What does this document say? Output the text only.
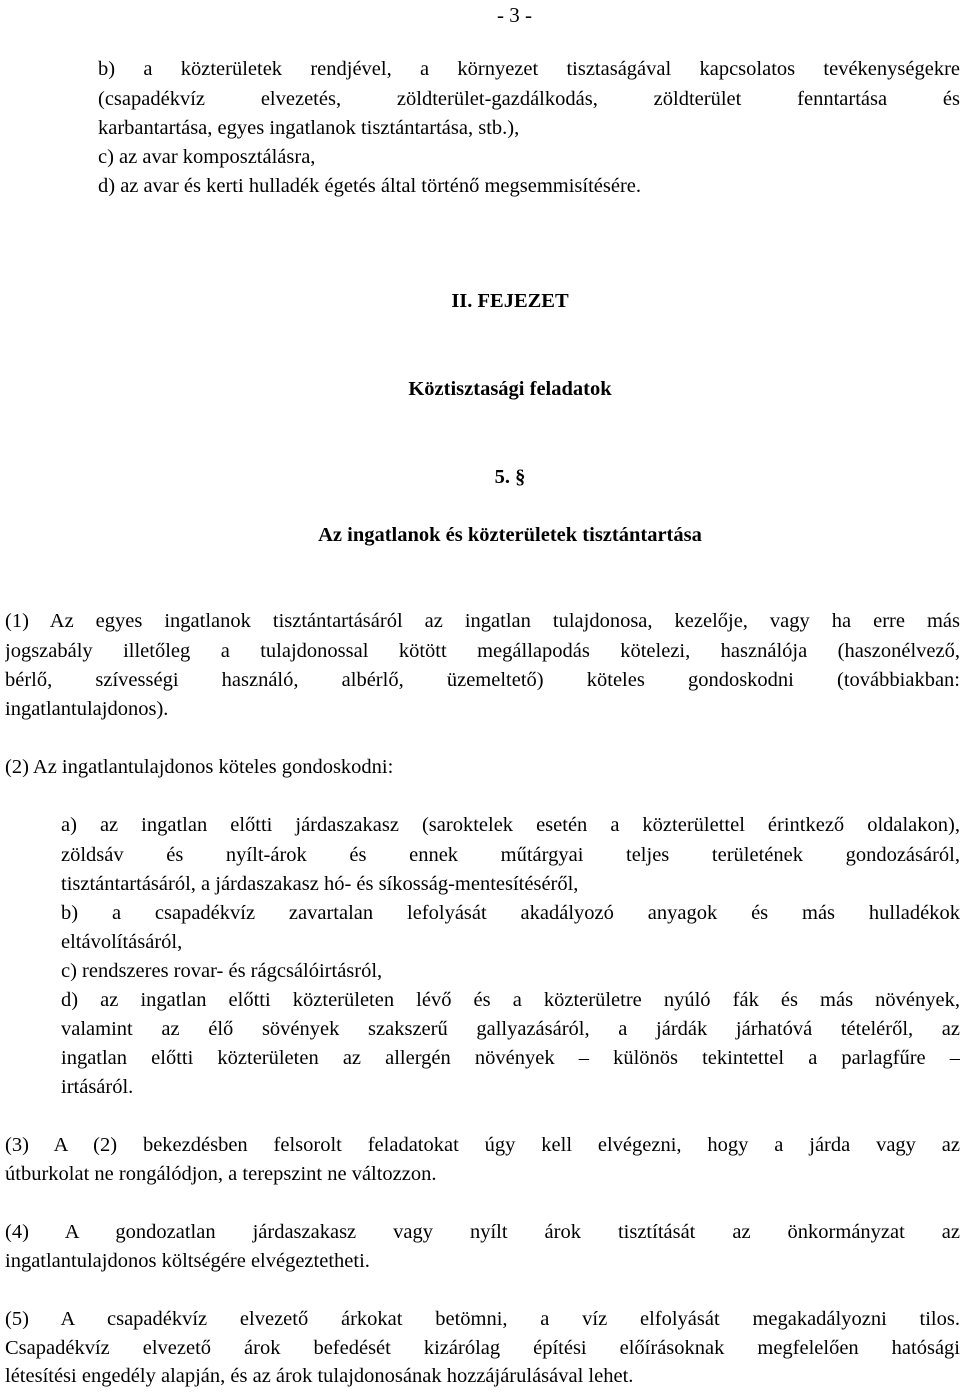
- 3 -
b) a közterületek rendjével, a környezet tisztaságával kapcsolatos tevékenységekre
(csapadékvíz elvezetés, zöldterület-gazdálkodás, zöldterület fenntartása és
karbantartása, egyes ingatlanok tisztántartása, stb.),
c) az avar komposztálásra,
d) az avar és kerti hulladék égetés által történő megsemmisítésére.
II. FEJEZET
Köztisztasági feladatok
5. §
Az ingatlanok és közterületek tisztántartása
(1) Az egyes ingatlanok tisztántartásáról az ingatlan tulajdonosa, kezelője, vagy ha erre más
jogszabály illetőleg a tulajdonossal kötött megállapodás kötelezi, használója (haszonélvező,
bérlő, szívességi használó, albérlő, üzemeltető) köteles gondoskodni (továbbiakban:
ingatlantulajdonos).
(2) Az ingatlantulajdonos köteles gondoskodni:
a) az ingatlan előtti járdaszakasz (saroktelek esetén a közterülettel érintkező oldalakon),
zöldsáv és nyílt-árok és ennek műtárgyai teljes területének gondozásáról,
tisztántartásáról, a járdaszakasz hó- és síkosság-mentesítéséről,
b) a csapadékvíz zavartalan lefolyását akadályozó anyagok és más hulladékok
eltávolításáról,
c) rendszeres rovar- és rágcsálóirtásról,
d) az ingatlan előtti közterületen lévő és a közterületre nyúló fák és más növények,
valamint az élő sövények szakszerű gallyazásáról, a járdák járhatóvá tételéről, az
ingatlan előtti közterületen az allergén növények – különös tekintettel a parlagfűre –
irtásáról.
(3) A (2) bekezdésben felsorolt feladatokat úgy kell elvégezni, hogy a járda vagy az
útburkolat ne rongálódjon, a terepszint ne változzon.
(4) A gondozatlan járdaszakasz vagy nyílt árok tisztítását az önkormányzat az
ingatlantulajdonos költségére elvégeztetheti.
(5) A csapadékvíz elvezető árkokat betömni, a víz elfolyását megakadályozni tilos.
Csapadékvíz elvezető árok befedését kizárólag építési előírásoknak megfelelően hatósági
létesítési engedély alapján, és az árok tulajdonosának hozzájárulásával lehet.
